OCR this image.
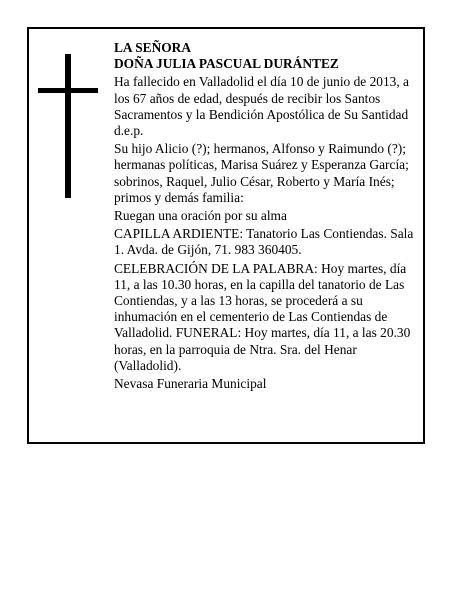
LA SEÑORA

DOÑA JULIA PASCUAL DURÁNTEZ

Ha fallecido en Valladolid el día 10 de junio de 2013, a los 67 años de edad, después de recibir los Santos Sacramentos y la Bendición Apostólica de Su Santidad d.e.p.

Su hijo Alicio (?); hermanos, Alfonso y Raimundo (?); hermanas políticas, Marisa Suárez y Esperanza García; sobrinos, Raquel, Julio César, Roberto y María Inés; primos y demás familia:

Ruegan una oración por su alma

CAPILLA ARDIENTE: Tanatorio Las Contiendas. Sala 1. Avda. de Gijón, 71. 983 360405.

CELEBRACIÓN DE LA PALABRA: Hoy martes, día 11, a las 10.30 horas, en la capilla del tanatorio de Las Contiendas, y a las 13 horas, se procederá a su inhumación en el cementerio de Las Contiendas de Valladolid. FUNERAL: Hoy martes, día 11, a las 20.30 horas, en la parroquia de Ntra. Sra. del Henar (Valladolid).

Nevasa Funeraria Municipal
